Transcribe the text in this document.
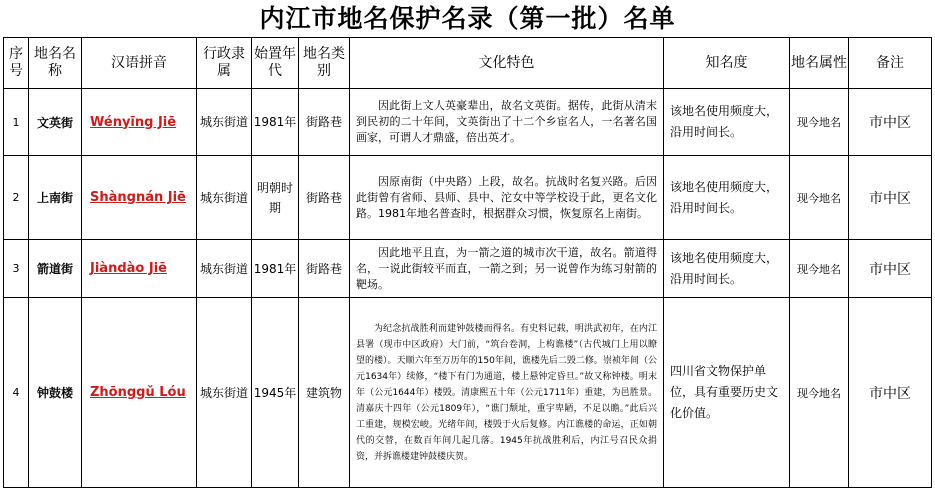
内江市地名保护名录（第一批）名单
序号	地名名称	汉语拼音	行政隶属	始置年代	地名类别	文化特色	知名度	地名属性	备注
1	文英街	Wényīng Jiē	城东街道	1981年	街路巷	因此街上文人英豪辈出，故名文英街。据传，此街从清末到民初的二十年间，文英街出了十二个乡宦名人，一名著名国画家，可谓人才鼎盛，倍出英才。	该地名使用频度大，沿用时间长。	现今地名	市中区
2	上南街	Shàngnán Jiē	城东街道	明朝时期	街路巷	因原南街（中央路）上段，故名。抗战时名复兴路。后因此街曾有省师、县师、县中、沱女中等学校设于此，更名文化路。1981年地名普查时，根据群众习惯，恢复原名上南街。	该地名使用频度大，沿用时间长。	现今地名	市中区
3	箭道街	Jiàndào Jiē	城东街道	1981年	街路巷	因此地平且直，为一箭之道的城市次干道，故名。箭道得名，一说此街较平而直，一箭之到；另一说曾作为练习射箭的靶场。	该地名使用频度大，沿用时间长。	现今地名	市中区
4	钟鼓楼	Zhōnggǔ Lóu	城东街道	1945年	建筑物	为纪念抗战胜利而建钟鼓楼而得名。有史料记载，明洪武初年，在内江县署（现市中区政府）大门前，“筑台卷洞，上构谯楼”（古代城门上用以瞭望的楼）。天顺六年至万历年的150年间，谯楼先后二毁二修。崇祯年间（公元1634年）续修，“楼下有门为通道，楼上悬钟定昏旦。”故又称钟楼。明末年（公元1644年）楼毁。清康熙五十年（公元1711年）重建，为邑胜景。清嘉庆十四年（公元1809年），“谯门颓址，重宇卑陋，不足以瞻。”此后兴工重建，规模宏峻。光绪年间，楼毁于火后复修。内江谯楼的命运，正如朝代的交替，在数百年间几起几落。1945年抗战胜利后，内江号召民众捐资，并拆谯楼建钟鼓楼庆贺。	四川省文物保护单位，具有重要历史文化价值。	现今地名	市中区
